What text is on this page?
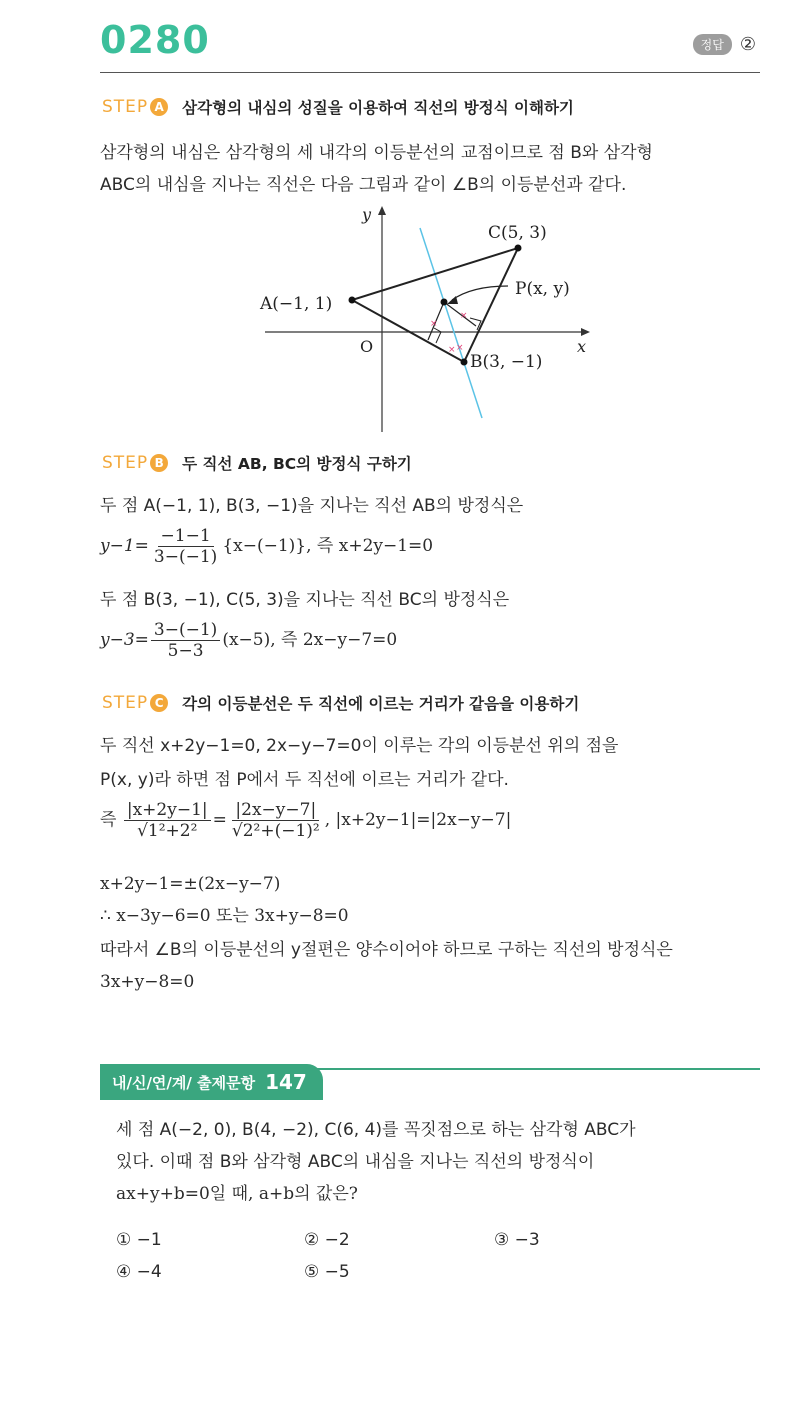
0280	정답 ②
STEP A 삼각형의 내심의 성질을 이용하여 직선의 방정식 이해하기
삼각형의 내심은 삼각형의 세 내각의 이등분선의 교점이므로 점 B와 삼각형
ABC의 내심을 지나는 직선은 다음 그림과 같이 ∠B의 이등분선과 같다.
×
×
× ×
y
x
O
A(−1, 1)
B(3, −1)
C(5, 3)
P(x, y)
STEP B 두 직선 AB, BC의 방정식 구하기
두 점 A(−1, 1), B(3, −1)을 지나는 직선 AB의 방정식은
$y-1= \frac{-1-1}{3-(-1)} \{x-(-1)\}$, 즉 x+2y−1=0
두 점 B(3, −1), C(5, 3)을 지나는 직선 BC의 방정식은
$y-3= \frac{3-(-1)}{5-3} (x-5)$, 즉 2x−y−7=0
STEP C 각의 이등분선은 두 직선에 이르는 거리가 같음을 이용하기
두 직선 x+2y−1=0, 2x−y−7=0이 이루는 각의 이등분선 위의 점을
P(x, y)라 하면 점 P에서 두 직선에 이르는 거리가 같다.
즉 $\frac{|x+2y-1|}{\text{√1²+2²}} = \frac{|2x-y-7|}{\text{√2²+(−1)²}}$ , |x+2y−1|=|2x−y−7|
x+2y−1=±(2x−y−7)
∴ x−3y−6=0 또는 3x+y−8=0
따라서 ∠B의 이등분선의 y절편은 양수이어야 하므로 구하는 직선의 방정식은
3x+y−8=0
내/신/연/계/ 출제문항 147
세 점 A(−2, 0), B(4, −2), C(6, 4)를 꼭짓점으로 하는 삼각형 ABC가
있다. 이때 점 B와 삼각형 ABC의 내심을 지나는 직선의 방정식이
ax+y+b=0일 때, a+b의 값은?
① −1	② −2	③ −3
④ −4	⑤ −5
